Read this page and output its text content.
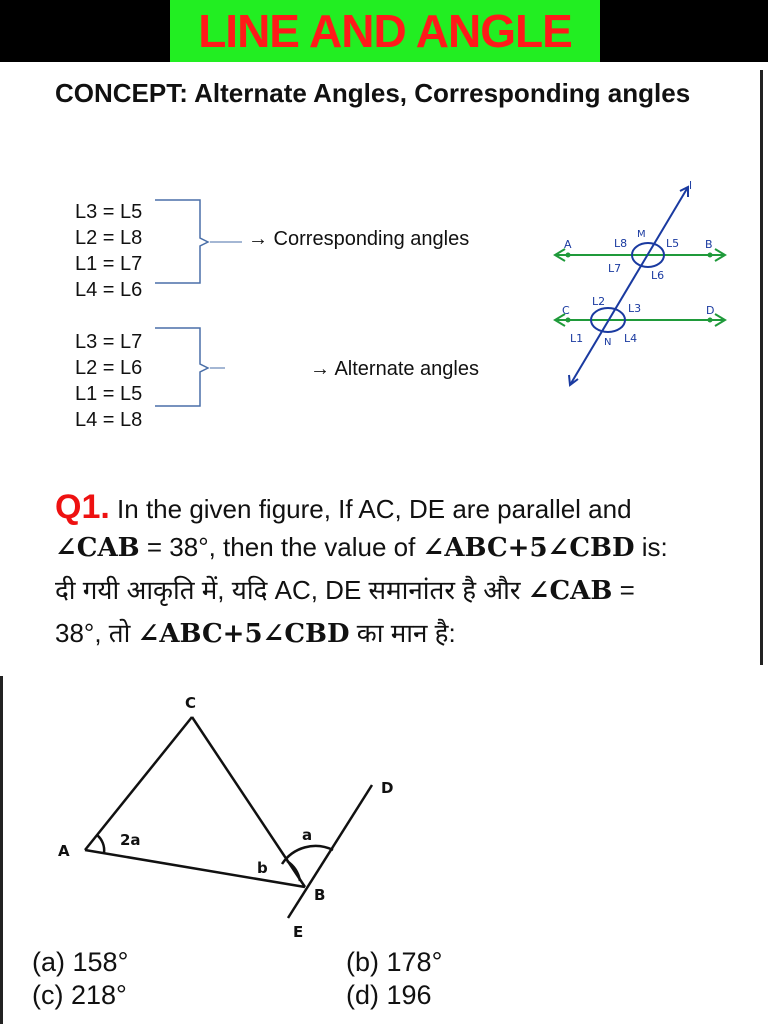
LINE AND ANGLE
CONCEPT: Alternate Angles, Corresponding angles
L3 = L5
L2 = L8
L1 = L7
L4 = L6
→ Corresponding angles
L3 = L7
L2 = L6
L1 = L5
L4 = L8
→ Alternate angles
l
A	B
C	D
M
N
L8	L5
L7
L6
L2
L3
L1	L4
Q1. In the given figure, If AC, DE are parallel and
∠CAB = 38°, then the value of ∠ABC+5∠CBD is:
दी गयी आकृति में, यदि AC, DE समानांतर है और ∠CAB =
38°, तो ∠ABC+5∠CBD का मान है:
C
A
B
D
E
2a
b
a
(a) 158°	(b) 178°
(c) 218°	(d) 196
